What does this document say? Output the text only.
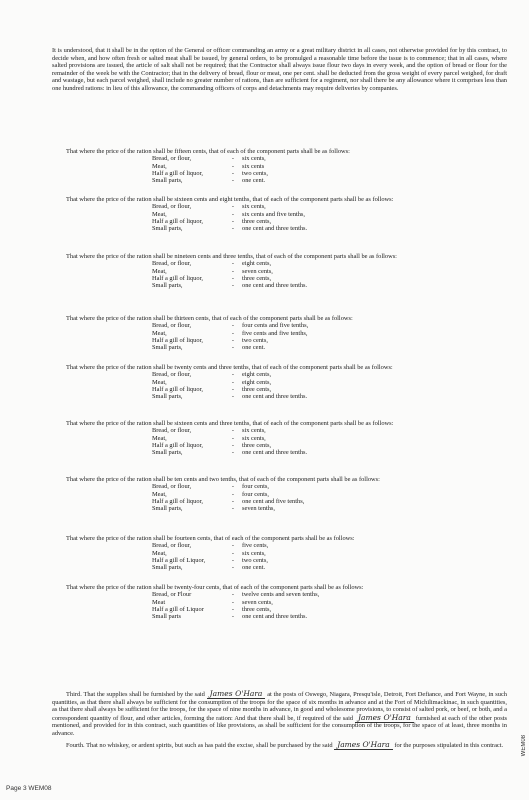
It is understood, that it shall be in the option of the General or officer commanding an army or a great military district in all cases, not otherwise provided for by this contract, to decide when, and how often fresh or salted meat shall be issued, by general orders, to be promulged a reasonable time before the issue is to commence; that in all cases, where salted provisions are issued, the article of salt shall not be required; that the Contractor shall always issue flour two days in every week, and the option of bread or flour for the remainder of the week be with the Contractor; that in the delivery of bread, flour or meat, one per cent. shall be deducted from the gross weight of every parcel weighed, for draft and wastage, but each parcel weighed, shall include no greater number of rations, than are sufficient for a regiment, nor shall there be any allowance where it comprises less than one hundred rations: in lieu of this allowance, the commanding officers of corps and detachments may require deliveries by companies.
That where the price of the ration shall be fifteen cents, that of each of the component parts shall be as follows:
Bread, or flour,	-	six cents,
Meat,	-	six cents
Half a gill of liquor,	-	two cents,
Small parts,	-	one cent.
That where the price of the ration shall be sixteen cents and eight tenths, that of each of the component parts shall be as follows:
Bread, or flour,	-	six cents,
Meat,	-	six cents and five tenths,
Half a gill of liquor,	-	three cents,
Small parts,	-	one cent and three tenths.
That where the price of the ration shall be nineteen cents and three tenths, that of each of the component parts shall be as follows:
Bread, or flour,	-	eight cents,
Meat,	-	seven cents,
Half a gill of liquor,	-	three cents,
Small parts,	-	one cent and three tenths.
That where the price of the ration shall be thirteen cents, that of each of the component parts shall be as follows:
Bread, or flour,	-	four cents and five tenths,
Meat,	-	five cents and five tenths,
Half a gill of liquor,	-	two cents,
Small parts,	-	one cent.
That where the price of the ration shall be twenty cents and three tenths, that of each of the component parts shall be as follows:
Bread, or flour,	-	eight cents,
Meat,	-	eight cents,
Half a gill of liquor,	-	three cents,
Small parts,	-	one cent and three tenths.
That where the price of the ration shall be sixteen cents and three tenths, that of each of the component parts shall be as follows:
Bread, or flour,	-	six cents,
Meat,	-	six cents,
Half a gill of liquor,	-	three cents,
Small parts,	-	one cent and three tenths.
That where the price of the ration shall be ten cents and two tenths, that of each of the component parts shall be as follows:
Bread, or flour,	-	four cents,
Meat,	-	four cents,
Half a gill of liquor,	-	one cent and five tenths,
Small parts,	-	seven tenths,
That where the price of the ration shall be fourteen cents, that of each of the component parts shall be as follows:
Bread, or flour,	-	five cents,
Meat,	-	six cents,
Half a gill of Liquor,	-	two cents,
Small parts,	-	one cent.
That where the price of the ration shall be twenty-four cents, that of each of the component parts shall be as follows:
Bread, or Flour	-	twelve cents and seven tenths,
Meat	-	seven cents,
Half a gill of Liquor	-	three cents,
Small parts	-	one cent and three tenths.

Third. That the supplies shall be furnished by the said James O'Hara at the posts of Oswego, Niagara, Presqu'isle, Detroit, Fort Defiance, and Fort Wayne, in such quantities, as that there shall always be sufficient for the consumption of the troops for the space of six months in advance and at the Fort of Michilimackinac, in such quantities, as that there shall always be sufficient for the troops, for the space of nine months in advance, in good and wholesome provisions, to consist of salted pork, or beef, or both, and a correspondent quantity of flour, and other articles, forming the ration: And that there shall be, if required of the said James O'Hara furnished at each of the other posts mentioned, and provided for in this contract, such quantities of like provisions, as shall be sufficient for the consumption of the troops, for the space of at least, three months in advance.

Fourth. That no whiskey, or ardent spirits, but such as has paid the excise, shall be purchased by the said James O'Hara for the purposes stipulated in this contract.

Page 3 WEM08
WEM08
